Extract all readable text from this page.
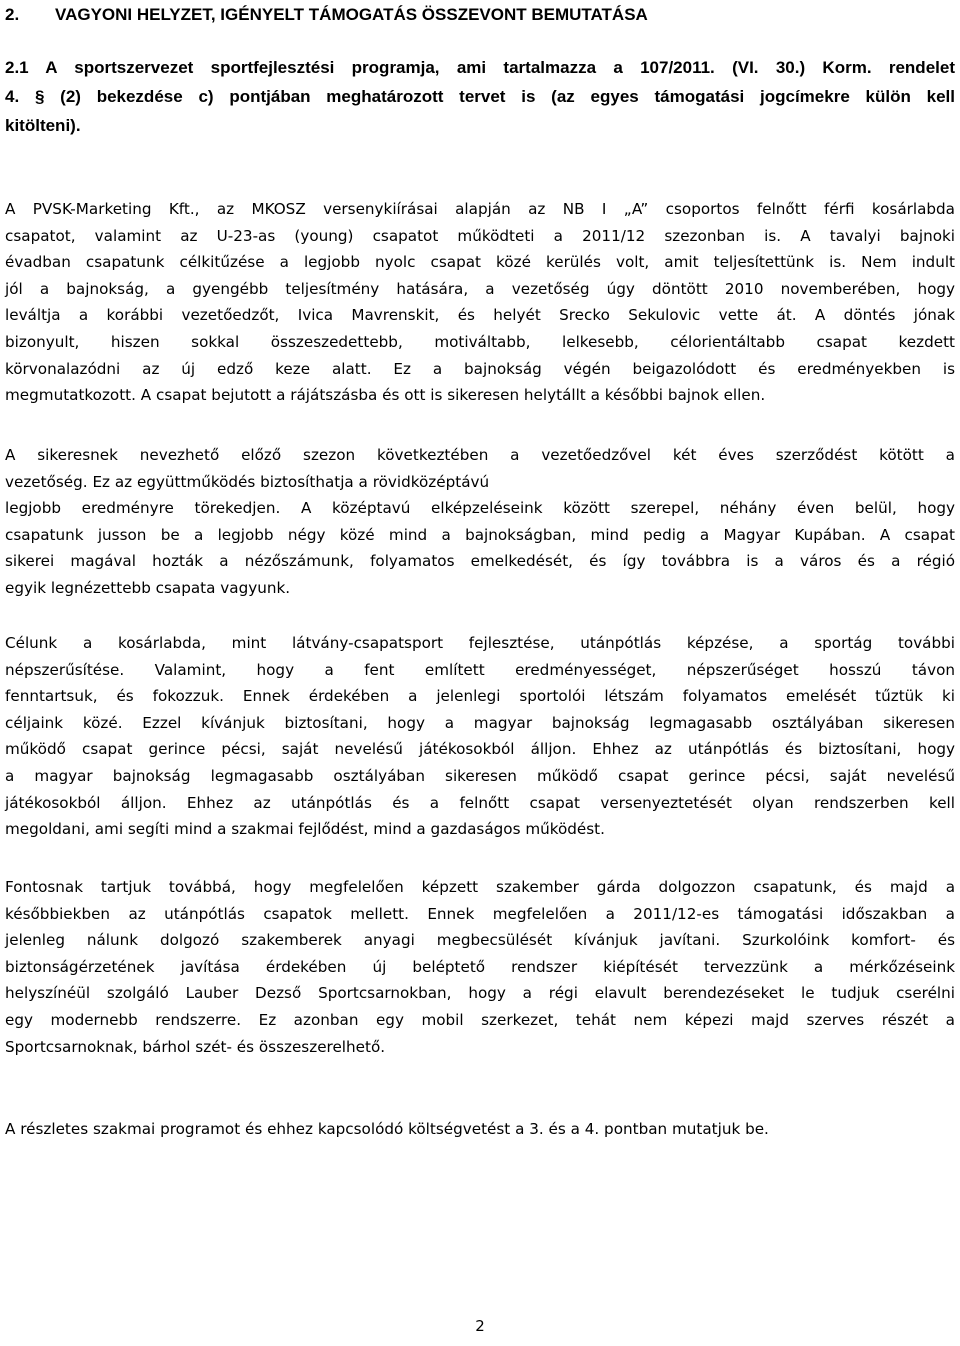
2. VAGYONI HELYZET, IGÉNYELT TÁMOGATÁS ÖSSZEVONT BEMUTATÁSA
2.1 A sportszervezet sportfejlesztési programja, ami tartalmazza a 107/2011. (VI. 30.) Korm. rendelet
4. § (2) bekezdése c) pontjában meghatározott tervet is (az egyes támogatási jogcímekre külön kell
kitölteni).

A PVSK-Marketing Kft., az MKOSZ versenykiírásai alapján az NB I „A” csoportos felnőtt férfi kosárlabda
csapatot, valamint az U-23-as (young) csapatot működteti a 2011/12 szezonban is. A tavalyi bajnoki
évadban csapatunk célkitűzése a legjobb nyolc csapat közé kerülés volt, amit teljesítettünk is. Nem indult
jól a bajnokság, a gyengébb teljesítmény hatására, a vezetőség úgy döntött 2010 novemberében, hogy
leváltja a korábbi vezetőedzőt, Ivica Mavrenskit, és helyét Srecko Sekulovic vette át. A döntés jónak
bizonyult, hiszen sokkal összeszedettebb, motiváltabb, lelkesebb, célorientáltabb csapat kezdett
körvonalazódni az új edző keze alatt. Ez a bajnokság végén beigazolódott és eredményekben is
megmutatkozott. A csapat bejutott a rájátszásba és ott is sikeresen helytállt a későbbi bajnok ellen.

A sikeresnek nevezhető előző szezon következtében a vezetőedzővel két éves szerződést kötött a
vezetőség. Ez az együttműködés biztosíthatja a rövidközéptávú
legjobb eredményre törekedjen. A középtavú elképzeléseink között szerepel, néhány éven belül, hogy
csapatunk jusson be a legjobb négy közé mind a bajnokságban, mind pedig a Magyar Kupában. A csapat
sikerei magával hozták a nézőszámunk, folyamatos emelkedését, és így továbbra is a város és a régió
egyik legnézettebb csapata vagyunk.

Célunk a kosárlabda, mint látvány-csapatsport fejlesztése, utánpótlás képzése, a sportág további
népszerűsítése. Valamint, hogy a fent említett eredményességet, népszerűséget hosszú távon
fenntartsuk, és fokozzuk. Ennek érdekében a jelenlegi sportolói létszám folyamatos emelését tűztük ki
céljaink közé. Ezzel kívánjuk biztosítani, hogy a magyar bajnokság legmagasabb osztályában sikeresen
működő csapat gerince pécsi, saját nevelésű játékosokból álljon. Ehhez az utánpótlás és biztosítani, hogy
a magyar bajnokság legmagasabb osztályában sikeresen működő csapat gerince pécsi, saját nevelésű
játékosokból álljon. Ehhez az utánpótlás és a felnőtt csapat versenyeztetését olyan rendszerben kell
megoldani, ami segíti mind a szakmai fejlődést, mind a gazdaságos működést.

Fontosnak tartjuk továbbá, hogy megfelelően képzett szakember gárda dolgozzon csapatunk, és majd a
későbbiekben az utánpótlás csapatok mellett. Ennek megfelelően a 2011/12-es támogatási időszakban a
jelenleg nálunk dolgozó szakemberek anyagi megbecsülését kívánjuk javítani. Szurkolóink komfort- és
biztonságérzetének javítása érdekében új beléptető rendszer kiépítését tervezzünk a mérkőzéseink
helyszínéül szolgáló Lauber Dezső Sportcsarnokban, hogy a régi elavult berendezéseket le tudjuk cserélni
egy modernebb rendszerre. Ez azonban egy mobil szerkezet, tehát nem képezi majd szerves részét a
Sportcsarnoknak, bárhol szét- és összeszerelhető.

A részletes szakmai programot és ehhez kapcsolódó költségvetést a 3. és a 4. pontban mutatjuk be.

2
